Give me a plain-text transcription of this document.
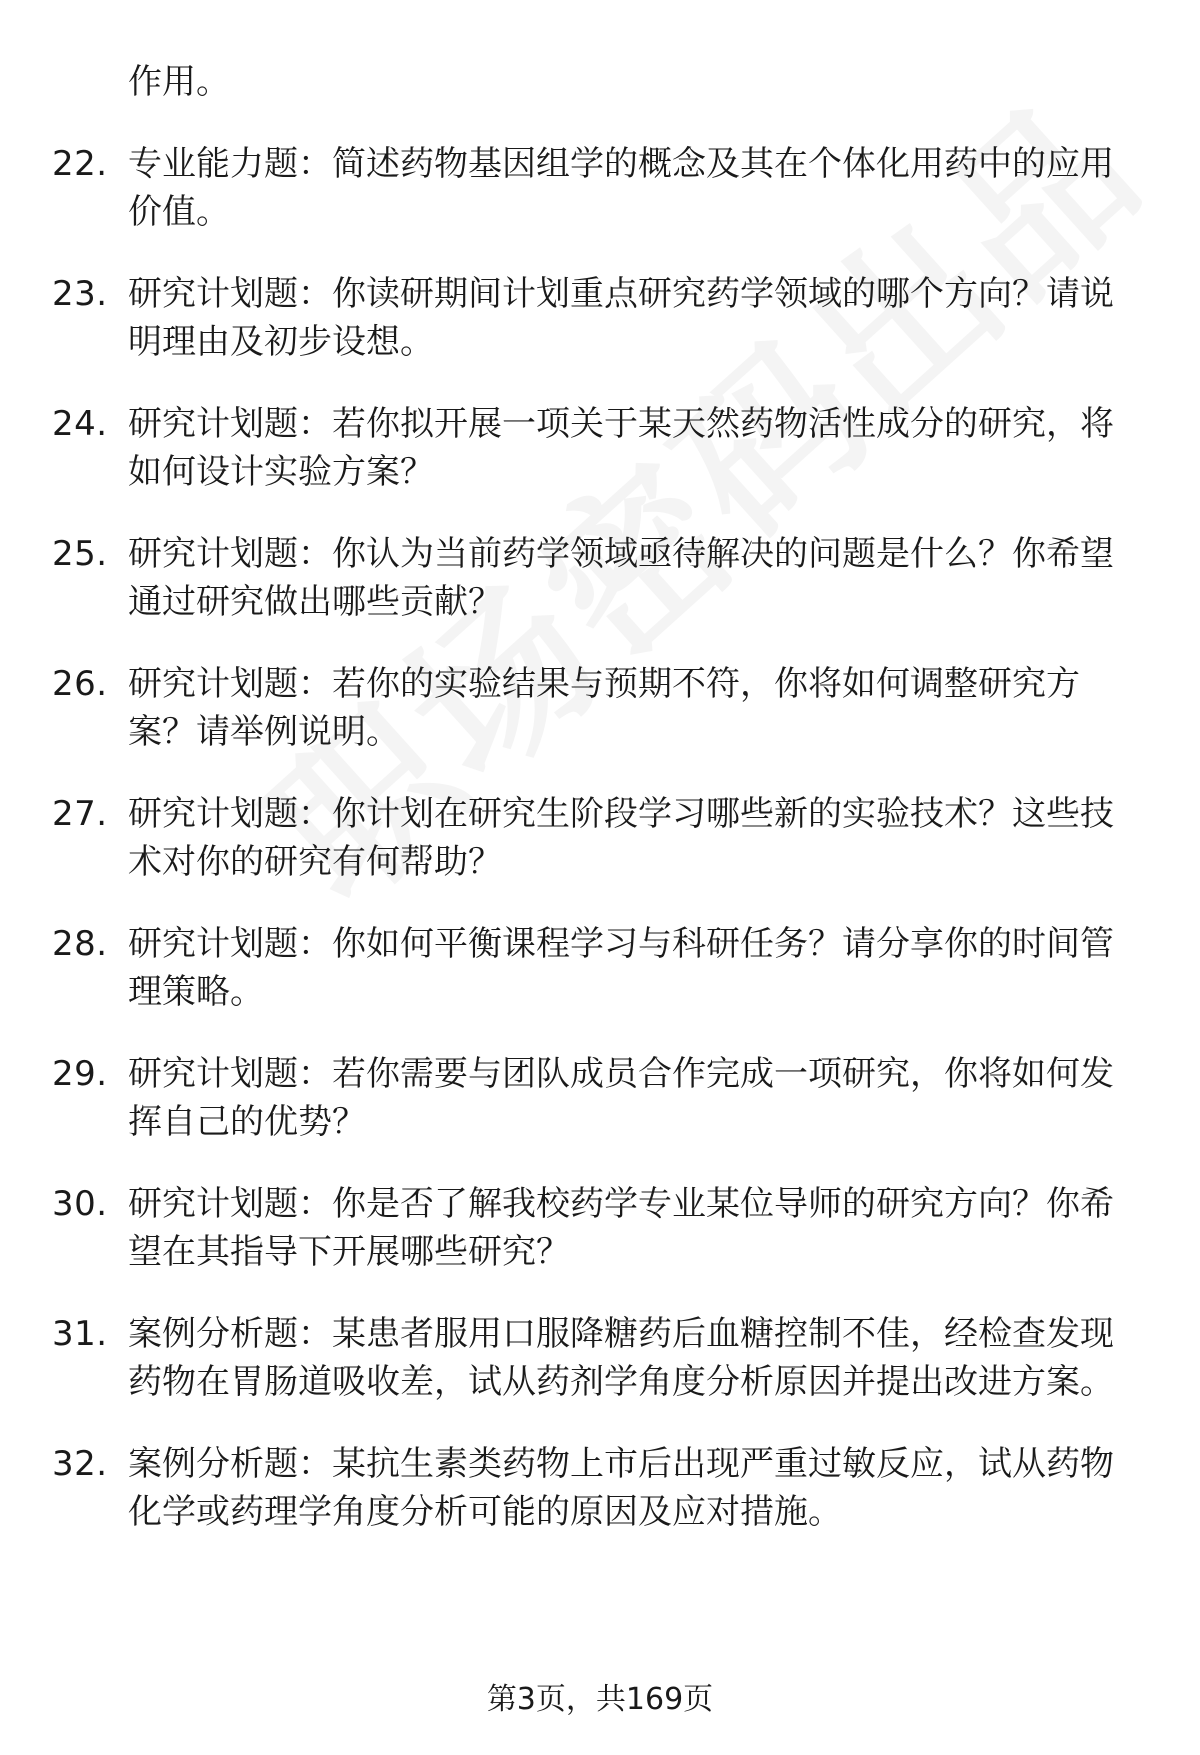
作用。
22. 专业能力题：简述药物基因组学的概念及其在个体化用药中的应用价值。
23. 研究计划题：你读研期间计划重点研究药学领域的哪个方向？请说明理由及初步设想。
24. 研究计划题：若你拟开展一项关于某天然药物活性成分的研究，将如何设计实验方案？
25. 研究计划题：你认为当前药学领域亟待解决的问题是什么？你希望通过研究做出哪些贡献？
26. 研究计划题：若你的实验结果与预期不符，你将如何调整研究方案？请举例说明。
27. 研究计划题：你计划在研究生阶段学习哪些新的实验技术？这些技术对你的研究有何帮助？
28. 研究计划题：你如何平衡课程学习与科研任务？请分享你的时间管理策略。
29. 研究计划题：若你需要与团队成员合作完成一项研究，你将如何发挥自己的优势？
30. 研究计划题：你是否了解我校药学专业某位导师的研究方向？你希望在其指导下开展哪些研究？
31. 案例分析题：某患者服用口服降糖药后血糖控制不佳，经检查发现药物在胃肠道吸收差，试从药剂学角度分析原因并提出改进方案。
32. 案例分析题：某抗生素类药物上市后出现严重过敏反应，试从药物化学或药理学角度分析可能的原因及应对措施。
第3页，共169页
